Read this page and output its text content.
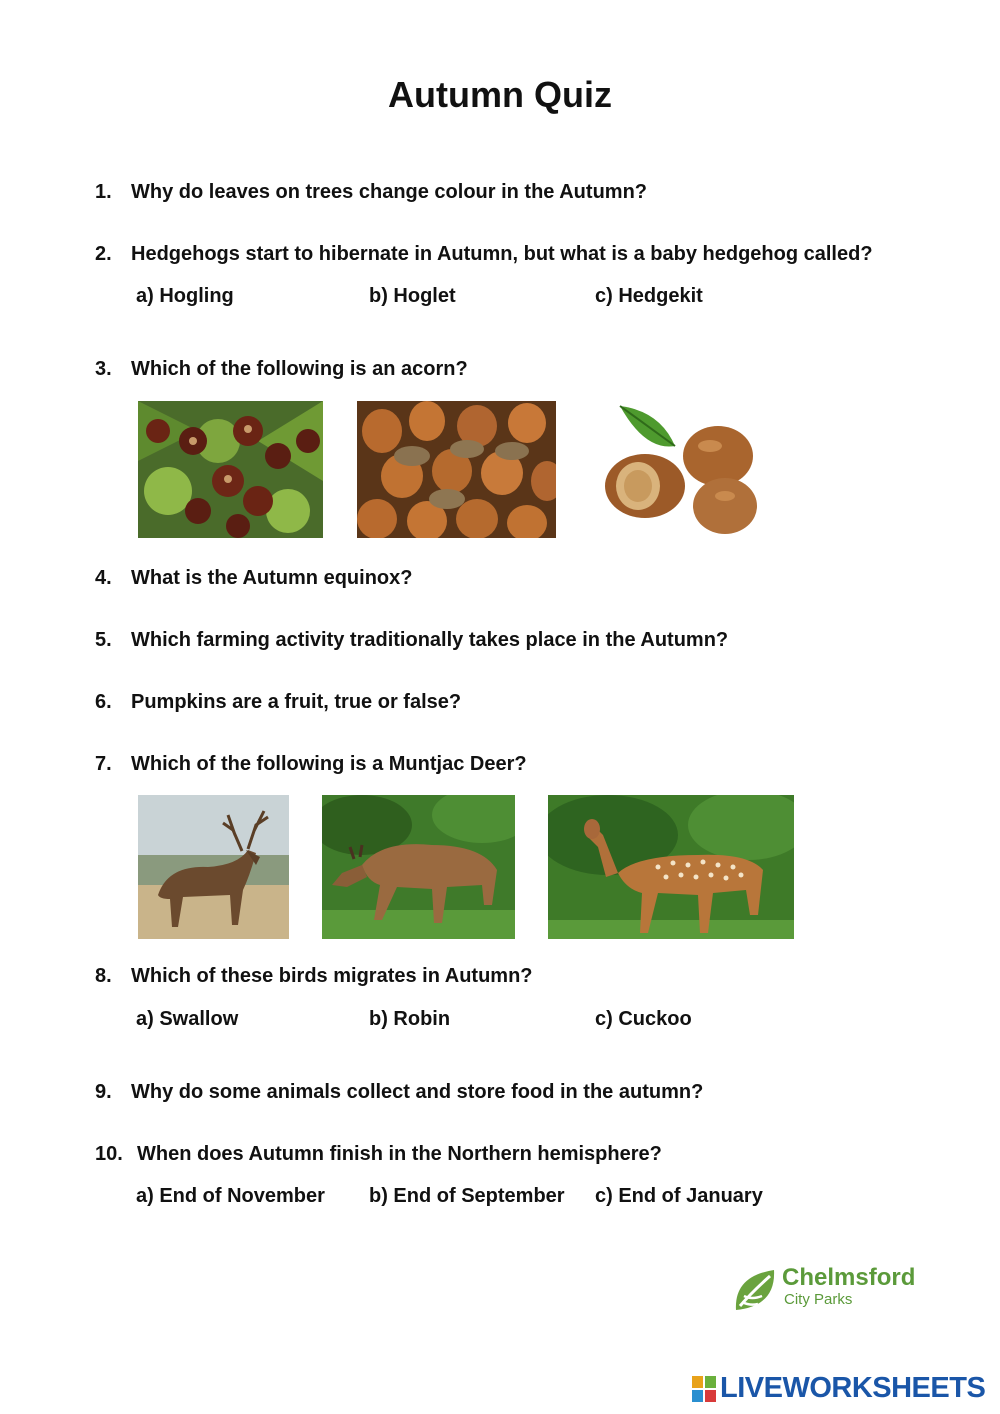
Autumn Quiz
1. Why do leaves on trees change colour in the Autumn?
2. Hedgehogs start to hibernate in Autumn, but what is a baby hedgehog called?
a) Hogling	b) Hoglet	c) Hedgekit
3. Which of the following is an acorn?
4. What is the Autumn equinox?
5. Which farming activity traditionally takes place in the Autumn?
6. Pumpkins are a fruit, true or false?
7. Which of the following is a Muntjac Deer?
8. Which of these birds migrates in Autumn?
a) Swallow	b) Robin	c) Cuckoo
9. Why do some animals collect and store food in the autumn?
10. When does Autumn finish in the Northern hemisphere?
a) End of November b) End of September c) End of January
Chelmsford
City Parks
LIVEWORKSHEETS
